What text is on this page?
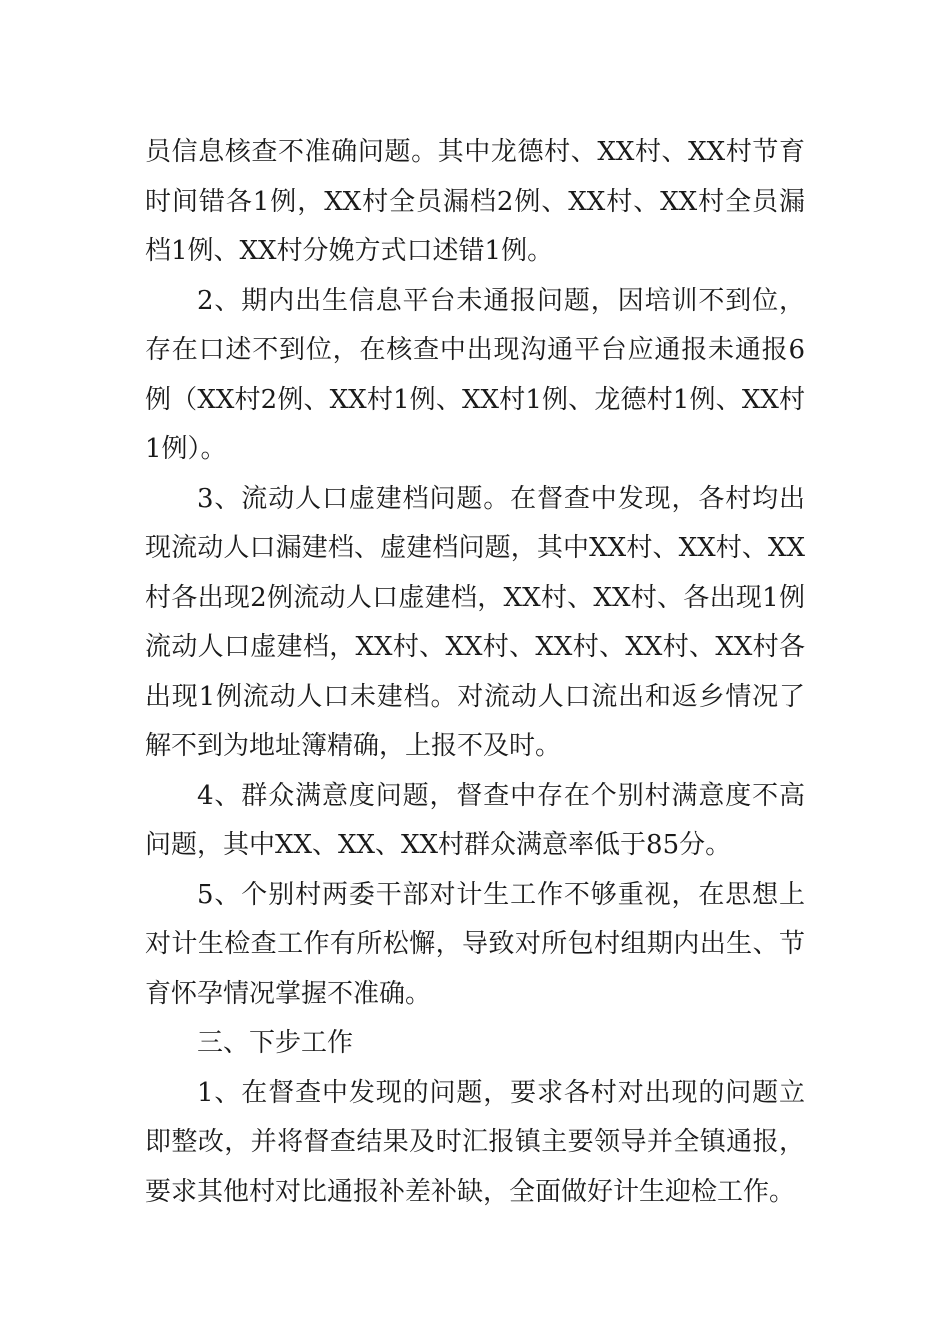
员信息核查不准确问题。其中龙德村、XX村、XX村节育时间错各1例，XX村全员漏档2例、XX村、XX村全员漏档1例、XX村分娩方式口述错1例。

2、期内出生信息平台未通报问题，因培训不到位，存在口述不到位，在核查中出现沟通平台应通报未通报6例（XX村2例、XX村1例、XX村1例、龙德村1例、XX村1例）。

3、流动人口虚建档问题。在督查中发现，各村均出现流动人口漏建档、虚建档问题，其中XX村、XX村、XX村各出现2例流动人口虚建档，XX村、XX村、各出现1例流动人口虚建档，XX村、XX村、XX村、XX村、XX村各出现1例流动人口未建档。对流动人口流出和返乡情况了解不到为地址簿精确，上报不及时。

4、群众满意度问题，督查中存在个别村满意度不高问题，其中XX、XX、XX村群众满意率低于85分。

5、个别村两委干部对计生工作不够重视，在思想上对计生检查工作有所松懈，导致对所包村组期内出生、节育怀孕情况掌握不准确。

三、下步工作

1、在督查中发现的问题，要求各村对出现的问题立即整改，并将督查结果及时汇报镇主要领导并全镇通报，要求其他村对比通报补差补缺，全面做好计生迎检工作。
